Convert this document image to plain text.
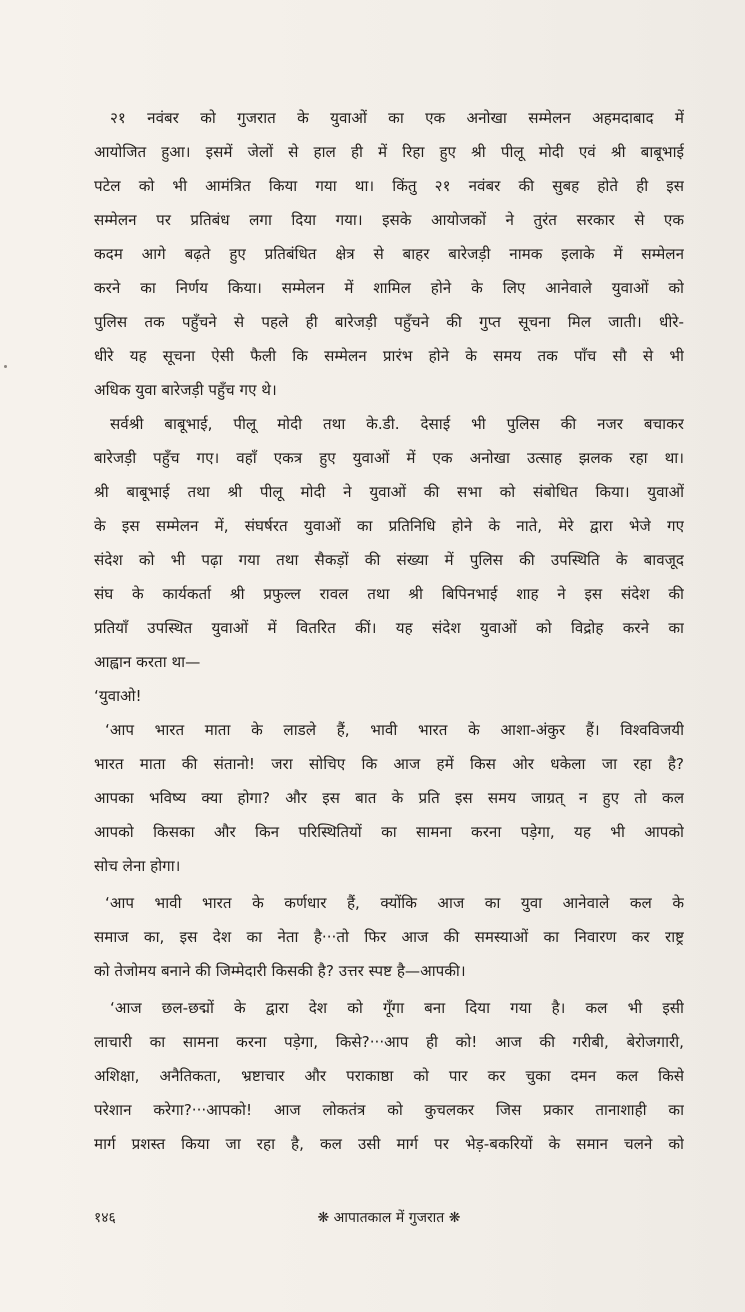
२१ नवंबर को गुजरात के युवाओं का एक अनोखा सम्मेलन अहमदाबाद में
आयोजित हुआ। इसमें जेलों से हाल ही में रिहा हुए श्री पीलू मोदी एवं श्री बाबूभाई
पटेल को भी आमंत्रित किया गया था। किंतु २१ नवंबर की सुबह होते ही इस
सम्मेलन पर प्रतिबंध लगा दिया गया। इसके आयोजकों ने तुरंत सरकार से एक
कदम आगे बढ़ते हुए प्रतिबंधित क्षेत्र से बाहर बारेजड़ी नामक इलाके में सम्मेलन
करने का निर्णय किया। सम्मेलन में शामिल होने के लिए आनेवाले युवाओं को
पुलिस तक पहुँचने से पहले ही बारेजड़ी पहुँचने की गुप्त सूचना मिल जाती। धीरे-
धीरे यह सूचना ऐसी फैली कि सम्मेलन प्रारंभ होने के समय तक पाँच सौ से भी
अधिक युवा बारेजड़ी पहुँच गए थे।
सर्वश्री बाबूभाई, पीलू मोदी तथा के.डी. देसाई भी पुलिस की नजर बचाकर
बारेजड़ी पहुँच गए। वहाँ एकत्र हुए युवाओं में एक अनोखा उत्साह झलक रहा था।
श्री बाबूभाई तथा श्री पीलू मोदी ने युवाओं की सभा को संबोधित किया। युवाओं
के इस सम्मेलन में, संघर्षरत युवाओं का प्रतिनिधि होने के नाते, मेरे द्वारा भेजे गए
संदेश को भी पढ़ा गया तथा सैकड़ों की संख्या में पुलिस की उपस्थिति के बावजूद
संघ के कार्यकर्ता श्री प्रफुल्ल रावल तथा श्री बिपिनभाई शाह ने इस संदेश की
प्रतियाँ उपस्थित युवाओं में वितरित कीं। यह संदेश युवाओं को विद्रोह करने का
आह्वान करता था—
‘युवाओ!
‘आप भारत माता के लाडले हैं, भावी भारत के आशा-अंकुर हैं। विश्वविजयी
भारत माता की संतानो! जरा सोचिए कि आज हमें किस ओर धकेला जा रहा है?
आपका भविष्य क्या होगा? और इस बात के प्रति इस समय जाग्रत् न हुए तो कल
आपको किसका और किन परिस्थितियों का सामना करना पड़ेगा, यह भी आपको
सोच लेना होगा।
‘आप भावी भारत के कर्णधार हैं, क्योंकि आज का युवा आनेवाले कल के
समाज का, इस देश का नेता है···तो फिर आज की समस्याओं का निवारण कर राष्ट्र
को तेजोमय बनाने की जिम्मेदारी किसकी है? उत्तर स्पष्ट है—आपकी।
‘आज छल-छद्मों के द्वारा देश को गूँगा बना दिया गया है। कल भी इसी
लाचारी का सामना करना पड़ेगा, किसे?···आप ही को! आज की गरीबी, बेरोजगारी,
अशिक्षा, अनैतिकता, भ्रष्टाचार और पराकाष्ठा को पार कर चुका दमन कल किसे
परेशान करेगा?···आपको! आज लोकतंत्र को कुचलकर जिस प्रकार तानाशाही का
मार्ग प्रशस्त किया जा रहा है, कल उसी मार्ग पर भेड़-बकरियों के समान चलने को
१४६	❋ आपातकाल में गुजरात ❋
